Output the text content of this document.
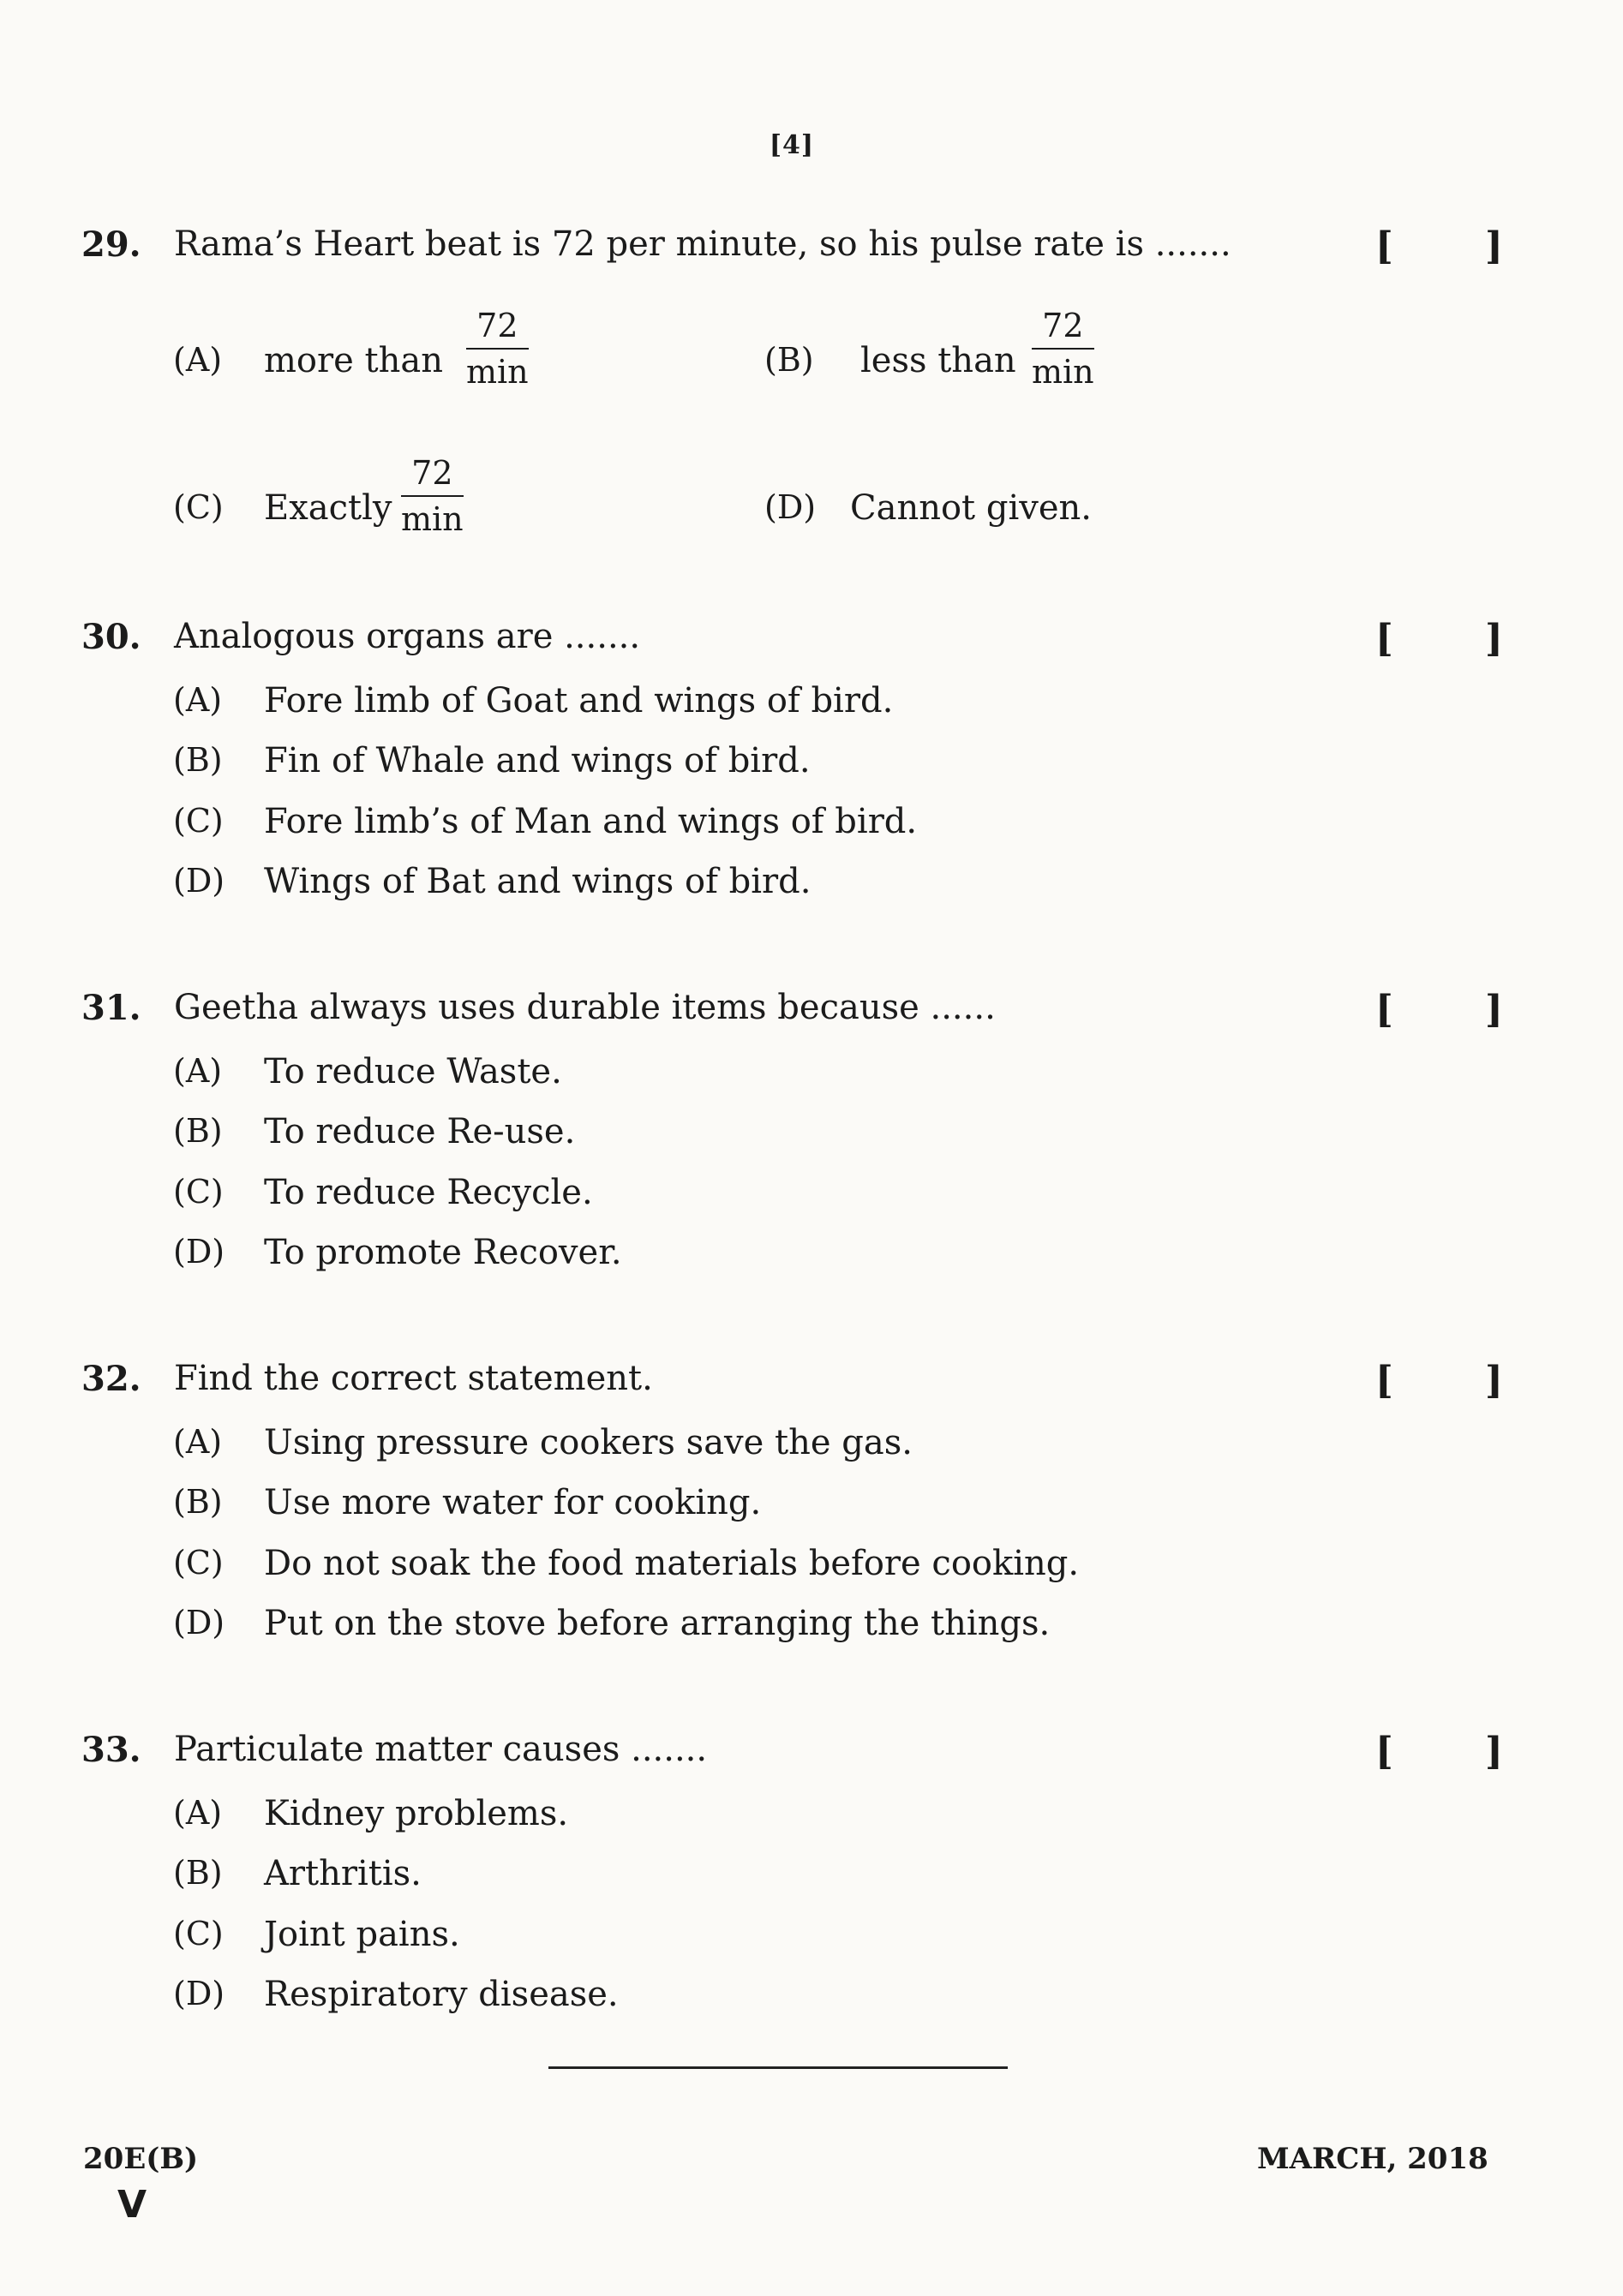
[4]
29. Rama’s Heart beat is 72 per minute, so his pulse rate is .......	[ ]
(A) more than
72
min	(B) less than
72
min
(C) Exactly
72
min	(D) Cannot given.
30. Analogous organs are .......	[ ]
(A) Fore limb of Goat and wings of bird.
(B) Fin of Whale and wings of bird.
(C) Fore limb’s of Man and wings of bird.
(D) Wings of Bat and wings of bird.
31. Geetha always uses durable items because ......	[ ]
(A) To reduce Waste.
(B) To reduce Re-use.
(C) To reduce Recycle.
(D) To promote Recover.
32. Find the correct statement.	[ ]
(A) Using pressure cookers save the gas.
(B) Use more water for cooking.
(C) Do not soak the food materials before cooking.
(D) Put on the stove before arranging the things.
33. Particulate matter causes .......	[ ]
(A) Kidney problems.
(B) Arthritis.
(C) Joint pains.
(D) Respiratory disease.
20E(B)
V
MARCH, 2018
